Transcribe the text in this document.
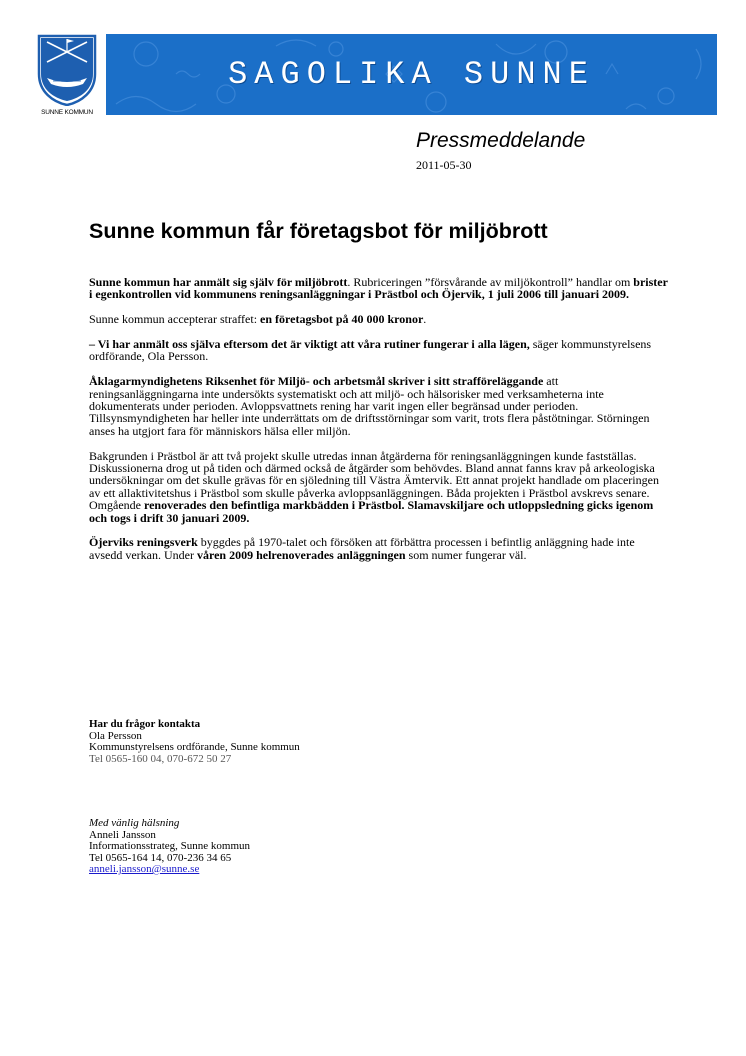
SUNNE KOMMUN
SAGOLIKA SUNNE
Pressmeddelande
2011-05-30
Sunne kommun får företagsbot för miljöbrott

Sunne kommun har anmält sig själv för miljöbrott. Rubriceringen ”försvårande av miljökontroll” handlar om brister i egenkontrollen vid kommunens reningsanläggningar i Prästbol och Öjervik, 1 juli 2006 till januari 2009.

Sunne kommun accepterar straffet: en företagsbot på 40 000 kronor.

– Vi har anmält oss själva eftersom det är viktigt att våra rutiner fungerar i alla lägen, säger kommunstyrelsens ordförande, Ola Persson.

Åklagarmyndighetens Riksenhet för Miljö- och arbetsmål skriver i sitt strafföreläggande att reningsanläggningarna inte undersökts systematiskt och att miljö- och hälsorisker med verksamheterna inte dokumenterats under perioden. Avloppsvattnets rening har varit ingen eller begränsad under perioden. Tillsynsmyndigheten har heller inte underrättats om de driftsstörningar som varit, trots flera påstötningar. Störningen anses ha utgjort fara för människors hälsa eller miljön.

Bakgrunden i Prästbol är att två projekt skulle utredas innan åtgärderna för reningsanläggningen kunde fastställas. Diskussionerna drog ut på tiden och därmed också de åtgärder som behövdes. Bland annat fanns krav på arkeologiska undersökningar om det skulle grävas för en sjöledning till Västra Ämtervik. Ett annat projekt handlade om placeringen av ett allaktivitetshus i Prästbol som skulle påverka avloppsanläggningen. Båda projekten i Prästbol avskrevs senare. Omgående renoverades den befintliga markbädden i Prästbol. Slamavskiljare och utloppsledning gicks igenom och togs i drift 30 januari 2009.

Öjerviks reningsverk byggdes på 1970-talet och försöken att förbättra processen i befintlig anläggning hade inte avsedd verkan. Under våren 2009 helrenoverades anläggningen som numer fungerar väl.

Har du frågor kontakta
Ola Persson
Kommunstyrelsens ordförande, Sunne kommun
Tel 0565-160 04, 070-672 50 27
Med vänlig hälsning
Anneli Jansson
Informationsstrateg, Sunne kommun
Tel 0565-164 14, 070-236 34 65
anneli.jansson@sunne.se
